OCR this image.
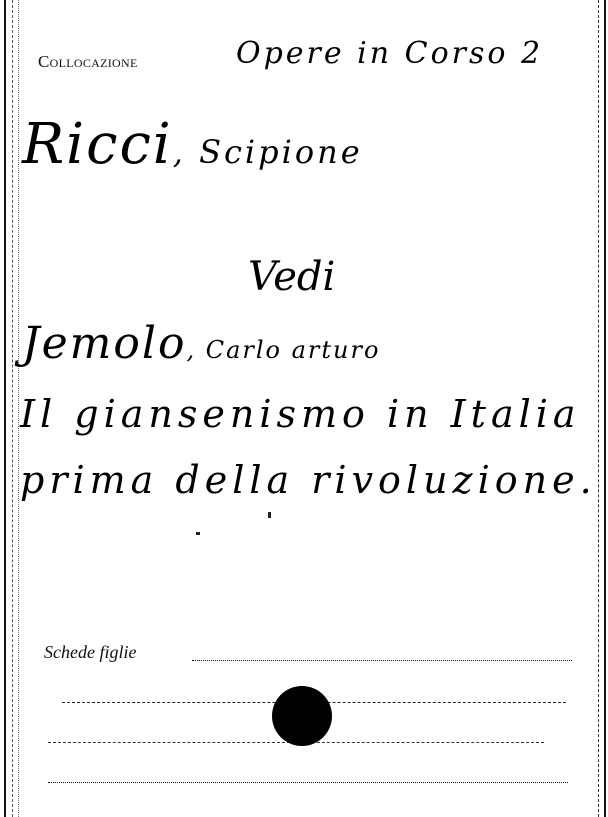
Collocazione	Opere in Corso 2
Ricci, Scipione
Vedi
Jemolo, Carlo arturo
Il giansenismo in Italia
prima della rivoluzione.
Schede figlie
